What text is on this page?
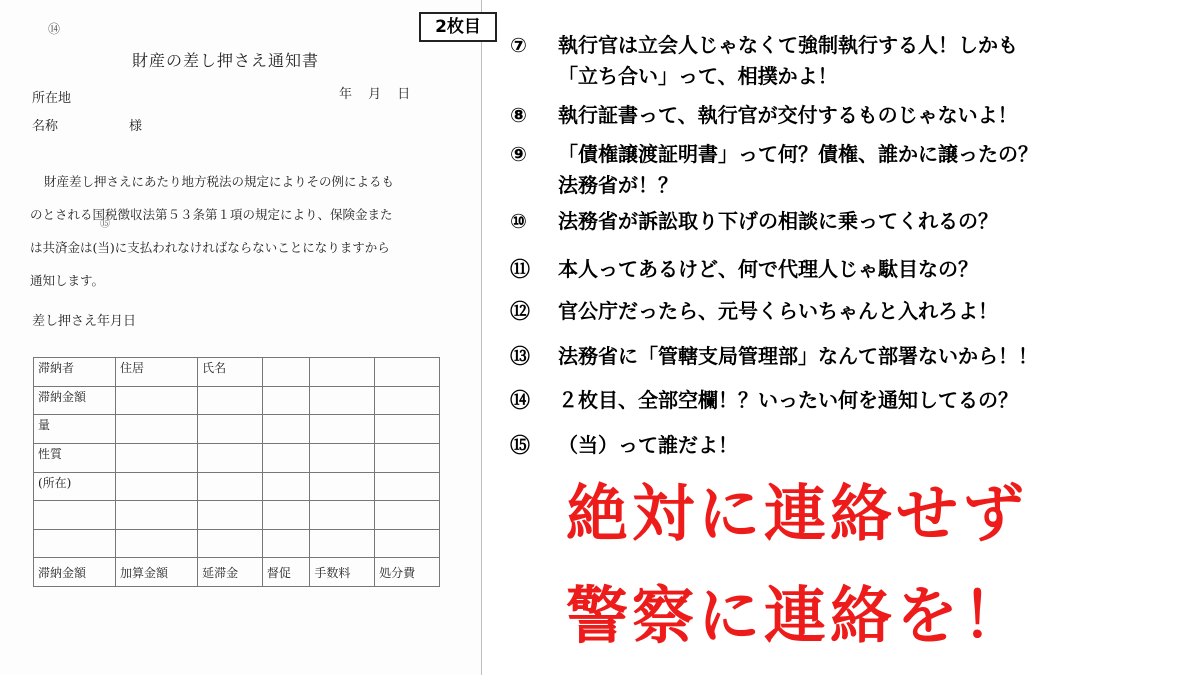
⑭
財産の差し押さえ通知書
所在地	年 月 日
名称	様
財産差し押さえにあたり地方税法の規定によりその例によるも
のとされる国税徴収法第５３条第１項の規定により、保険金また
は共済金は(当)に支払われなければならないことになりますから
通知します。
⑮
差し押さえ年月日
滞納者	住居	氏名			
滞納金額					
量					
性質					
(所在)					

滞納金額	加算金額	延滞金	督促	手数料	処分費
2枚目
⑦	執行官は立会人じゃなくて強制執行する人！しかも
「立ち合い」って、相撲かよ！
⑧	執行証書って、執行官が交付するものじゃないよ！
⑨	「債権譲渡証明書」って何？債権、誰かに譲ったの？
法務省が！？
⑩	法務省が訴訟取り下げの相談に乗ってくれるの？
⑪	本人ってあるけど、何で代理人じゃ駄目なの？
⑫	官公庁だったら、元号くらいちゃんと入れろよ！
⑬	法務省に「管轄支局管理部」なんて部署ないから！！
⑭	２枚目、全部空欄！？いったい何を通知してるの？
⑮	（当）って誰だよ！
絶対に連絡せず
警察に連絡を！
